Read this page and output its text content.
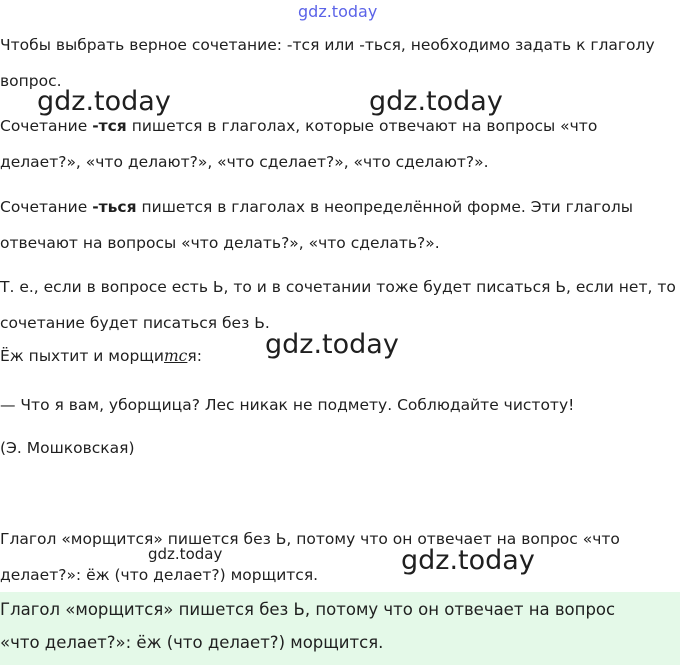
gdz.today

Чтобы выбрать верное сочетание: -тся или -ться, необходимо задать к глаголу

вопрос.

gdz.today	gdz.today

Сочетание -тся пишется в глаголах, которые отвечают на вопросы «что

делает?», «что делают?», «что сделает?», «что сделают?».

Сочетание -ться пишется в глаголах в неопределённой форме. Эти глаголы

отвечают на вопросы «что делать?», «что сделать?».

Т. е., если в вопросе есть Ь, то и в сочетании тоже будет писаться Ь, если нет, то

сочетание будет писаться без Ь.

gdz.today

Ёж пыхтит и морщится:

— Что я вам, уборщица? Лес никак не подмету. Соблюдайте чистоту!

(Э. Мошковская)

Глагол «морщится» пишется без Ь, потому что он отвечает на вопрос «что

gdz.today	gdz.today

делает?»: ёж (что делает?) морщится.

Глагол «морщится» пишется без Ь, потому что он отвечает на вопрос

«что делает?»: ёж (что делает?) морщится.
